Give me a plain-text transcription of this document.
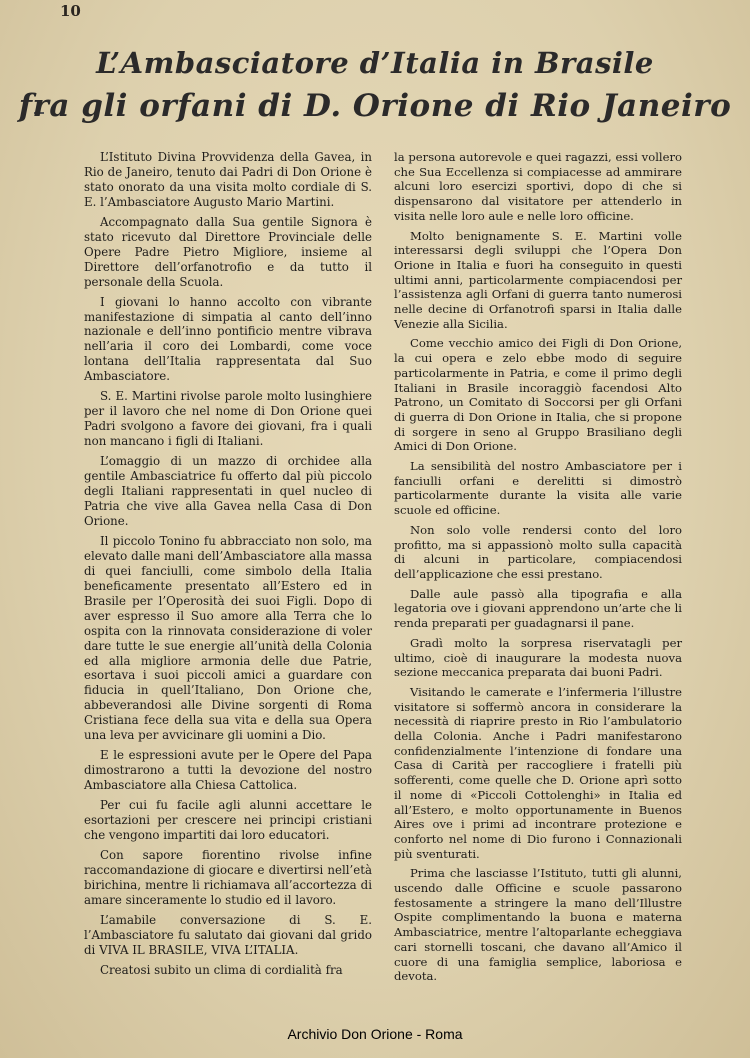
10
L’Ambasciatore d’Italia in Brasile
fra gli orfani di D. Orione di Rio Janeiro

L’Istituto Divina Provvidenza della Gavea, in Rio de Janeiro, tenuto dai Padri di Don Orione è stato onorato da una visita molto cordiale di S. E. l’Ambasciatore Augusto Mario Martini.

Accompagnato dalla Sua gentile Signora è stato ricevuto dal Direttore Provinciale delle Opere Padre Pietro Migliore, insieme al Direttore dell’orfanotrofio e da tutto il personale della Scuola.

I giovani lo hanno accolto con vibrante manifestazione di simpatia al canto dell’inno nazionale e dell’inno pontificio mentre vibrava nell’aria il coro dei Lombardi, come voce lontana dell’Italia rappresentata dal Suo Ambasciatore.

S. E. Martini rivolse parole molto lusinghiere per il lavoro che nel nome di Don Orione quei Padri svolgono a favore dei giovani, fra i quali non mancano i figli di Italiani.

L’omaggio di un mazzo di orchidee alla gentile Ambasciatrice fu offerto dal più piccolo degli Italiani rappresentati in quel nucleo di Patria che vive alla Gavea nella Casa di Don Orione.

Il piccolo Tonino fu abbracciato non solo, ma elevato dalle mani dell’Ambasciatore alla massa di quei fanciulli, come simbolo della Italia beneficamente presentato all’Estero ed in Brasile per l’Operosità dei suoi Figli. Dopo di aver espresso il Suo amore alla Terra che lo ospita con la rinnovata considerazione di voler dare tutte le sue energie all’unità della Colonia ed alla migliore armonia delle due Patrie, esortava i suoi piccoli amici a guardare con fiducia in quell’Italiano, Don Orione che, abbeverandosi alle Divine sorgenti di Roma Cristiana fece della sua vita e della sua Opera una leva per avvicinare gli uomini a Dio.

E le espressioni avute per le Opere del Papa dimostrarono a tutti la devozione del nostro Ambasciatore alla Chiesa Cattolica.

Per cui fu facile agli alunni accettare le esortazioni per crescere nei principi cristiani che vengono impartiti dai loro educatori.

Con sapore fiorentino rivolse infine raccomandazione di giocare e divertirsi nell’età birichina, mentre li richiamava all’accortezza di amare sinceramente lo studio ed il lavoro.

L’amabile conversazione di S. E. l’Ambasciatore fu salutato dai giovani dal grido di VIVA IL BRASILE, VIVA L’ITALIA.

Creatosi subito un clima di cordialità fra

la persona autorevole e quei ragazzi, essi vollero che Sua Eccellenza si compiacesse ad ammirare alcuni loro esercizi sportivi, dopo di che si dispensarono dal visitatore per attenderlo in visita nelle loro aule e nelle loro officine.

Molto benignamente S. E. Martini volle interessarsi degli sviluppi che l’Opera Don Orione in Italia e fuori ha conseguito in questi ultimi anni, particolarmente compiacendosi per l’assistenza agli Orfani di guerra tanto numerosi nelle decine di Orfanotrofi sparsi in Italia dalle Venezie alla Sicilia.

Come vecchio amico dei Figli di Don Orione, la cui opera e zelo ebbe modo di seguire particolarmente in Patria, e come il primo degli Italiani in Brasile incoraggiò facendosi Alto Patrono, un Comitato di Soccorsi per gli Orfani di guerra di Don Orione in Italia, che si propone di sorgere in seno al Gruppo Brasiliano degli Amici di Don Orione.

La sensibilità del nostro Ambasciatore per i fanciulli orfani e derelitti si dimostrò particolarmente durante la visita alle varie scuole ed officine.

Non solo volle rendersi conto del loro profitto, ma si appassionò molto sulla capacità di alcuni in particolare, compiacendosi dell’applicazione che essi prestano.

Dalle aule passò alla tipografia e alla legatoria ove i giovani apprendono un’arte che li renda preparati per guadagnarsi il pane.

Gradì molto la sorpresa riservatagli per ultimo, cioè di inaugurare la modesta nuova sezione meccanica preparata dai buoni Padri.

Visitando le camerate e l’infermeria l’illustre visitatore si soffermò ancora in considerare la necessità di riaprire presto in Rio l’ambulatorio della Colonia. Anche i Padri manifestarono confidenzialmente l’intenzione di fondare una Casa di Carità per raccogliere i fratelli più sofferenti, come quelle che D. Orione aprì sotto il nome di «Piccoli Cottolenghi» in Italia ed all’Estero, e molto opportunamente in Buenos Aires ove i primi ad incontrare protezione e conforto nel nome di Dio furono i Connazionali più sventurati.

Prima che lasciasse l’Istituto, tutti gli alunni, uscendo dalle Officine e scuole passarono festosamente a stringere la mano dell’Illustre Ospite complimentando la buona e materna Ambasciatrice, mentre l’altoparlante echeggiava cari stornelli toscani, che davano all’Amico il cuore di una famiglia semplice, laboriosa e devota.

Archivio Don Orione - Roma
